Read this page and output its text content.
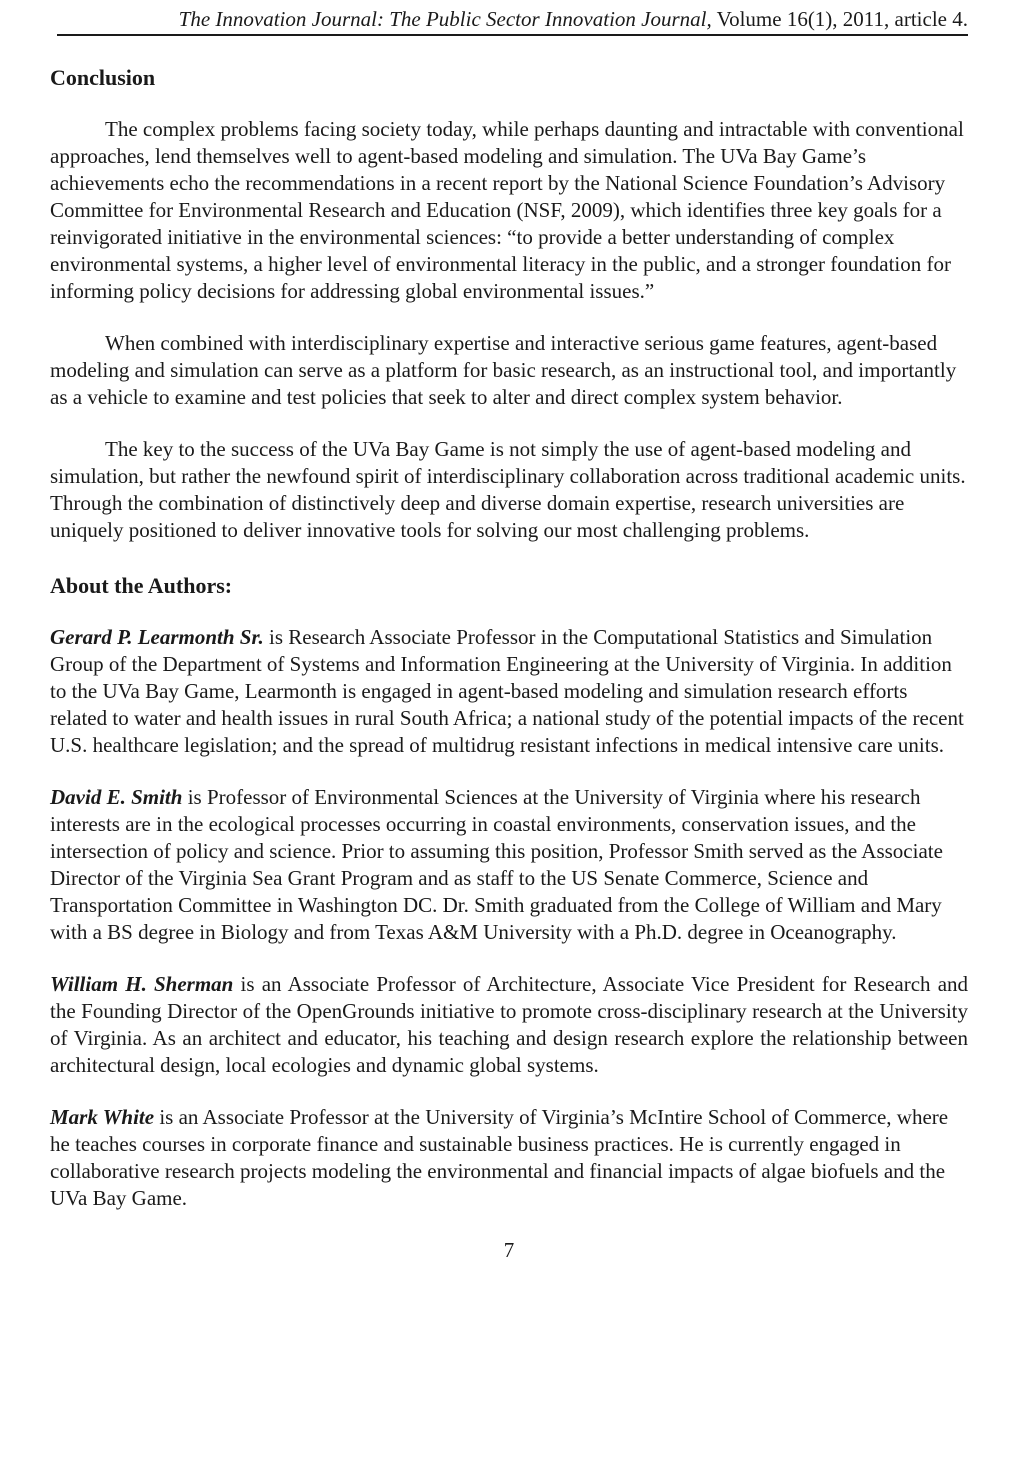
The Innovation Journal: The Public Sector Innovation Journal, Volume 16(1), 2011, article 4.
Conclusion

The complex problems facing society today, while perhaps daunting and intractable with conventional approaches, lend themselves well to agent-based modeling and simulation. The UVa Bay Game’s achievements echo the recommendations in a recent report by the National Science Foundation’s Advisory Committee for Environmental Research and Education (NSF, 2009), which identifies three key goals for a reinvigorated initiative in the environmental sciences: “to provide a better understanding of complex environmental systems, a higher level of environmental literacy in the public, and a stronger foundation for informing policy decisions for addressing global environmental issues.”

When combined with interdisciplinary expertise and interactive serious game features, agent-based modeling and simulation can serve as a platform for basic research, as an instructional tool, and importantly as a vehicle to examine and test policies that seek to alter and direct complex system behavior.

The key to the success of the UVa Bay Game is not simply the use of agent-based modeling and simulation, but rather the newfound spirit of interdisciplinary collaboration across traditional academic units. Through the combination of distinctively deep and diverse domain expertise, research universities are uniquely positioned to deliver innovative tools for solving our most challenging problems.

About the Authors:

Gerard P. Learmonth Sr. is Research Associate Professor in the Computational Statistics and Simulation Group of the Department of Systems and Information Engineering at the University of Virginia. In addition to the UVa Bay Game, Learmonth is engaged in agent-based modeling and simulation research efforts related to water and health issues in rural South Africa; a national study of the potential impacts of the recent U.S. healthcare legislation; and the spread of multidrug resistant infections in medical intensive care units.

David E. Smith is Professor of Environmental Sciences at the University of Virginia where his research interests are in the ecological processes occurring in coastal environments, conservation issues, and the intersection of policy and science. Prior to assuming this position, Professor Smith served as the Associate Director of the Virginia Sea Grant Program and as staff to the US Senate Commerce, Science and Transportation Committee in Washington DC. Dr. Smith graduated from the College of William and Mary with a BS degree in Biology and from Texas A&M University with a Ph.D. degree in Oceanography.

William H. Sherman is an Associate Professor of Architecture, Associate Vice President for Research and the Founding Director of the OpenGrounds initiative to promote cross-disciplinary research at the University of Virginia. As an architect and educator, his teaching and design research explore the relationship between architectural design, local ecologies and dynamic global systems.

Mark White is an Associate Professor at the University of Virginia’s McIntire School of Commerce, where he teaches courses in corporate finance and sustainable business practices. He is currently engaged in collaborative research projects modeling the environmental and financial impacts of algae biofuels and the UVa Bay Game.

7
